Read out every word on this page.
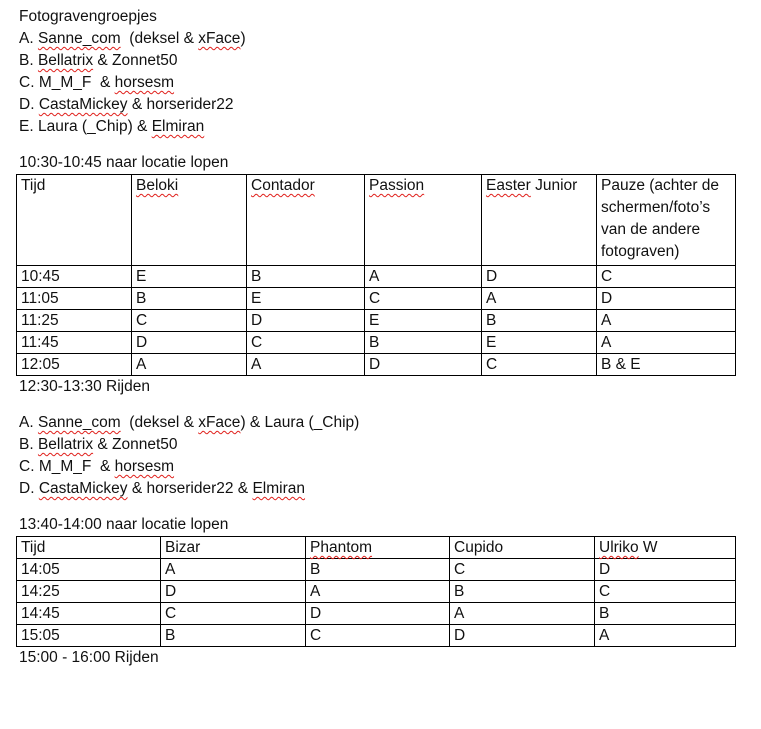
Fotogravengroepjes
A. Sanne_com  (deksel & xFace)
B. Bellatrix & Zonnet50
C. M_M_F  & horsesm
D. CastaMickey & horserider22
E. Laura (_Chip) & Elmiran
10:30-10:45 naar locatie lopen
Tijd	Beloki	Contador	Passion	Easter Junior	Pauze (achter de schermen/foto’s van de andere fotograven)
10:45	E	B	A	D	C
11:05	B	E	C	A	D
11:25	C	D	E	B	A
11:45	D	C	B	E	A
12:05	A	A	D	C	B & E
12:30-13:30 Rijden
A. Sanne_com  (deksel & xFace) & Laura (_Chip)
B. Bellatrix & Zonnet50
C. M_M_F  & horsesm
D. CastaMickey & horserider22 & Elmiran
13:40-14:00 naar locatie lopen
Tijd	Bizar	Phantom	Cupido	Ulriko W
14:05	A	B	C	D
14:25	D	A	B	C
14:45	C	D	A	B
15:05	B	C	D	A
15:00 - 16:00 Rijden
